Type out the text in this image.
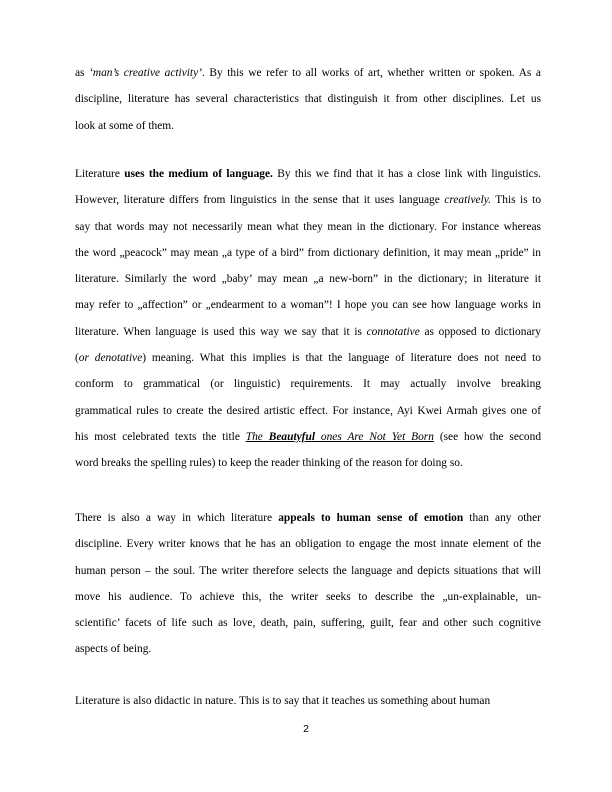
as ‘man’s creative activity’. By this we refer to all works of art, whether written or spoken. As a
discipline, literature has several characteristics that distinguish it from other disciplines. Let us
look at some of them.

Literature uses the medium of language. By this we find that it has a close link with linguistics.
However, literature differs from linguistics in the sense that it uses language creatively. This is to
say that words may not necessarily mean what they mean in the dictionary. For instance whereas
the word „peacock” may mean „a type of a bird” from dictionary definition, it may mean „pride” in
literature. Similarly the word „baby’ may mean „a new-born” in the dictionary; in literature it
may refer to „affection” or „endearment to a woman”! I hope you can see how language works in
literature. When language is used this way we say that it is connotative as opposed to dictionary
(or denotative) meaning. What this implies is that the language of literature does not need to
conform to grammatical (or linguistic) requirements. It may actually involve breaking
grammatical rules to create the desired artistic effect. For instance, Ayi Kwei Armah gives one of
his most celebrated texts the title The Beautyful ones Are Not Yet Born (see how the second
word breaks the spelling rules) to keep the reader thinking of the reason for doing so.

There is also a way in which literature appeals to human sense of emotion than any other
discipline. Every writer knows that he has an obligation to engage the most innate element of the
human person – the soul. The writer therefore selects the language and depicts situations that will
move his audience. To achieve this, the writer seeks to describe the „un-explainable, un-
scientific’ facets of life such as love, death, pain, suffering, guilt, fear and other such cognitive
aspects of being.

Literature is also didactic in nature. This is to say that it teaches us something about human

2
